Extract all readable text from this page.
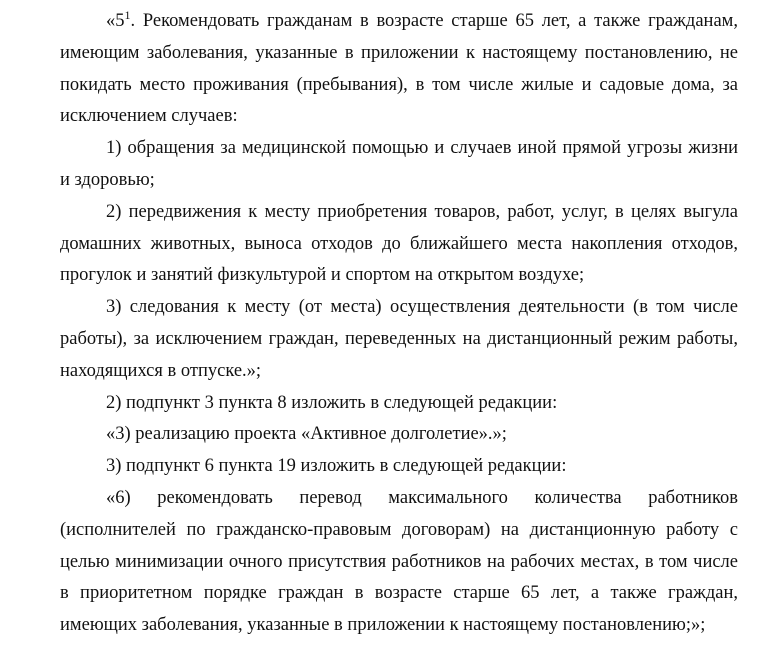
«$5^1$. Рекомендовать гражданам в возрасте старше 65 лет, а также гражданам, имеющим заболевания, указанные в приложении к настоящему постановлению, не покидать место проживания (пребывания), в том числе жилые и садовые дома, за исключением случаев:

1) обращения за медицинской помощью и случаев иной прямой угрозы жизни и здоровью;

2) передвижения к месту приобретения товаров, работ, услуг, в целях выгула домашних животных, выноса отходов до ближайшего места накопления отходов, прогулок и занятий физкультурой и спортом на открытом воздухе;

3) следования к месту (от места) осуществления деятельности (в том числе работы), за исключением граждан, переведенных на дистанционный режим работы, находящихся в отпуске.»;

2) подпункт 3 пункта 8 изложить в следующей редакции:

«3) реализацию проекта «Активное долголетие».»;

3) подпункт 6 пункта 19 изложить в следующей редакции:

«6) рекомендовать перевод максимального количества работников (исполнителей по гражданско-правовым договорам) на дистанционную работу с целью минимизации очного присутствия работников на рабочих местах, в том числе в приоритетном порядке граждан в возрасте старше 65 лет, а также граждан, имеющих заболевания, указанные в приложении к настоящему постановлению;»;
